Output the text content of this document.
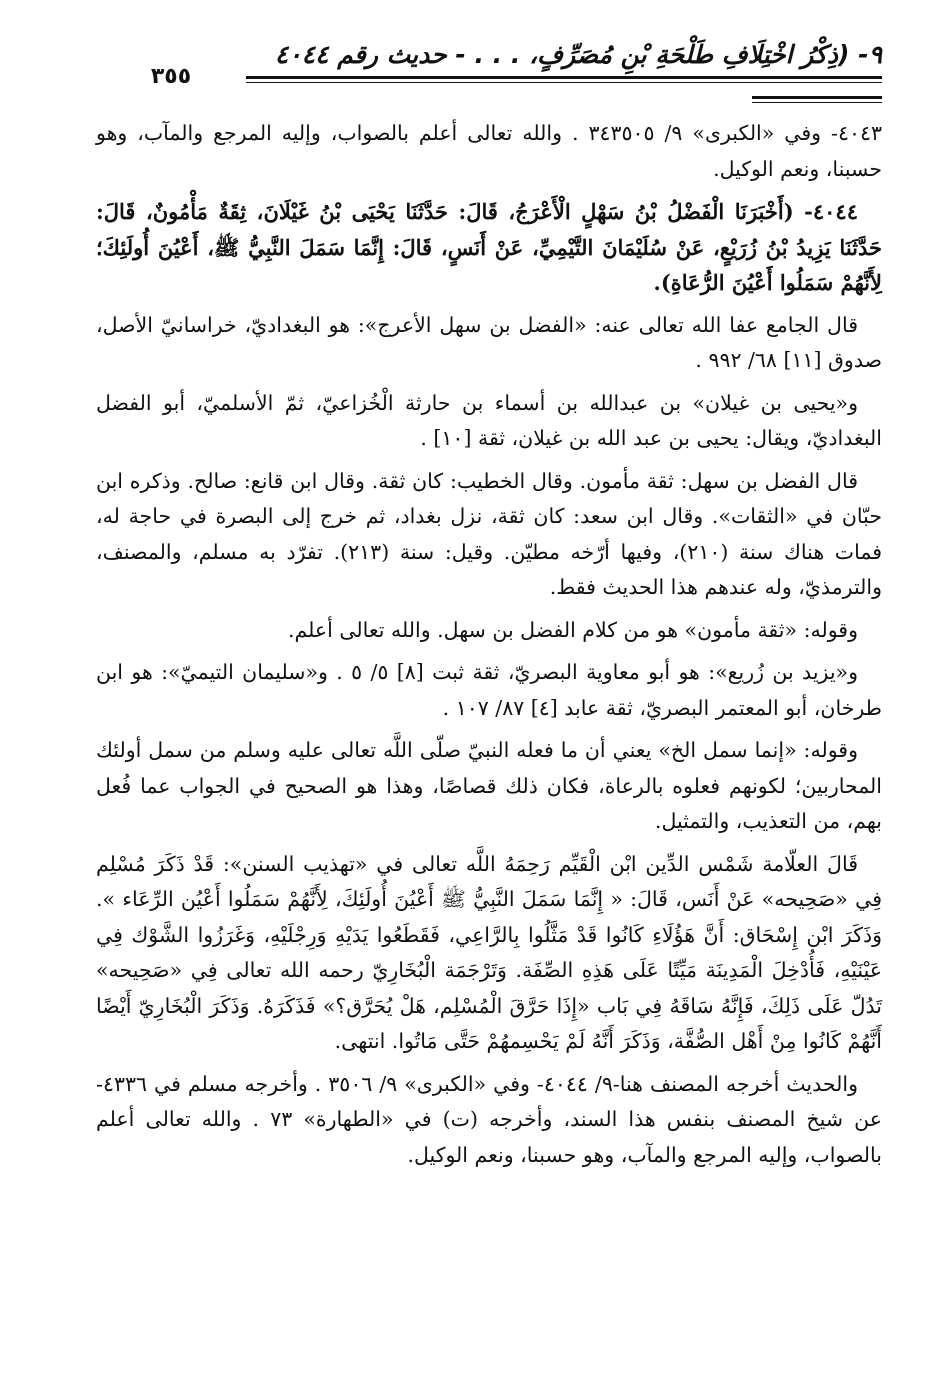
٩- (ذِكْرُ اخْتِلَافِ طَلْحَةِ بْنِ مُصَرِّفٍ، . . . - حديث رقم ٤٠٤٤
٣٥٥

٤٠٤٣- وفي «الكبرى» ٩/ ٣٤٣٥٠٥ . والله تعالى أعلم بالصواب، وإليه المرجع والمآب، وهو حسبنا، ونعم الوكيل.

٤٠٤٤- (أَخْبَرَنَا الْفَضْلُ بْنُ سَهْلٍ الْأَعْرَجُ، قَالَ: حَدَّثَنَا يَحْيَى بْنُ غَيْلَانَ، ثِقَةٌ مَأْمُونٌ، قَالَ: حَدَّثَنَا يَزِيدُ بْنُ زُرَيْعٍ، عَنْ سُلَيْمَانَ التَّيْمِيِّ، عَنْ أَنَسٍ، قَالَ: إِنَّمَا سَمَلَ النَّبِيُّ ﷺ، أَعْيُنَ أُولَئِكَ؛ لِأَنَّهُمْ سَمَلُوا أَعْيُنَ الرُّعَاةِ).

قال الجامع عفا الله تعالى عنه: «الفضل بن سهل الأعرج»: هو البغداديّ، خراسانيّ الأصل، صدوق [١١] ٦٨/ ٩٩٢ .

و«يحيى بن غيلان» بن عبدالله بن أسماء بن حارثة الْخُزاعيّ، ثمّ الأسلميّ، أبو الفضل البغداديّ، ويقال: يحيى بن عبد الله بن غيلان، ثقة [١٠] .

قال الفضل بن سهل: ثقة مأمون. وقال الخطيب: كان ثقة. وقال ابن قانع: صالح. وذكره ابن حبّان في «الثقات». وقال ابن سعد: كان ثقة، نزل بغداد، ثم خرج إلى البصرة في حاجة له، فمات هناك سنة (٢١٠)، وفيها أرّخه مطيّن. وقيل: سنة (٢١٣). تفرّد به مسلم، والمصنف، والترمذيّ، وله عندهم هذا الحديث فقط.

وقوله: «ثقة مأمون» هو من كلام الفضل بن سهل. والله تعالى أعلم.

و«يزيد بن زُريع»: هو أبو معاوية البصريّ، ثقة ثبت [٨] ٥/ ٥ . و«سليمان التيميّ»: هو ابن طرخان، أبو المعتمر البصريّ، ثقة عابد [٤] ٨٧/ ١٠٧ .

وقوله: «إنما سمل الخ» يعني أن ما فعله النبيّ صلّى اللَّه تعالى عليه وسلم من سمل أولئك المحاربين؛ لكونهم فعلوه بالرعاة، فكان ذلك قصاصًا، وهذا هو الصحيح في الجواب عما فُعل بهم، من التعذيب، والتمثيل.

قَالَ العلّامة شَمْس الدِّين ابْن الْقَيِّم رَحِمَهُ اللَّه تعالى في «تهذيب السنن»: قَدْ ذَكَرَ مُسْلِم فِي «صَحِيحه» عَنْ أَنَس، قَالَ: « إِنَّمَا سَمَلَ النَّبِيُّ ﷺ أَعْيُنَ أُولَئِكَ، لِأَنَّهُمْ سَمَلُوا أَعْيُن الرِّعَاء ». وَذَكَرَ ابْن إِسْحَاق: أَنَّ هَؤُلَاءِ كَانُوا قَدْ مَثَّلُوا بِالرَّاعِي، فَقَطَعُوا يَدَيْهِ وَرِجْلَيْهِ، وَغَرَزُوا الشَّوْك فِي عَيْنَيْهِ، فَأُدْخِلَ الْمَدِينَة مَيِّتًا عَلَى هَذِهِ الصِّفَة. وَتَرْجَمَة الْبُخَارِيّ رحمه الله تعالى فِي «صَحِيحه» تَدُلّ عَلَى ذَلِكَ، فَإِنَّهُ سَاقَهُ فِي بَاب «إِذَا حَرَّقَ الْمُسْلِم، هَلْ يُحَرَّق؟» فَذَكَرَهُ. وَذَكَرَ الْبُخَارِيّ أَيْضًا أَنَّهُمْ كَانُوا مِنْ أَهْل الصُّفَّة، وَذَكَرَ أَنَّهُ لَمْ يَحْسِمهُمْ حَتَّى مَاتُوا. انتهى.

والحديث أخرجه المصنف هنا-٩/ ٤٠٤٤- وفي «الكبرى» ٩/ ٣٥٠٦ . وأخرجه مسلم في ٤٣٣٦- عن شيخ المصنف بنفس هذا السند، وأخرجه (ت) في «الطهارة» ٧٣ . والله تعالى أعلم بالصواب، وإليه المرجع والمآب، وهو حسبنا، ونعم الوكيل.
